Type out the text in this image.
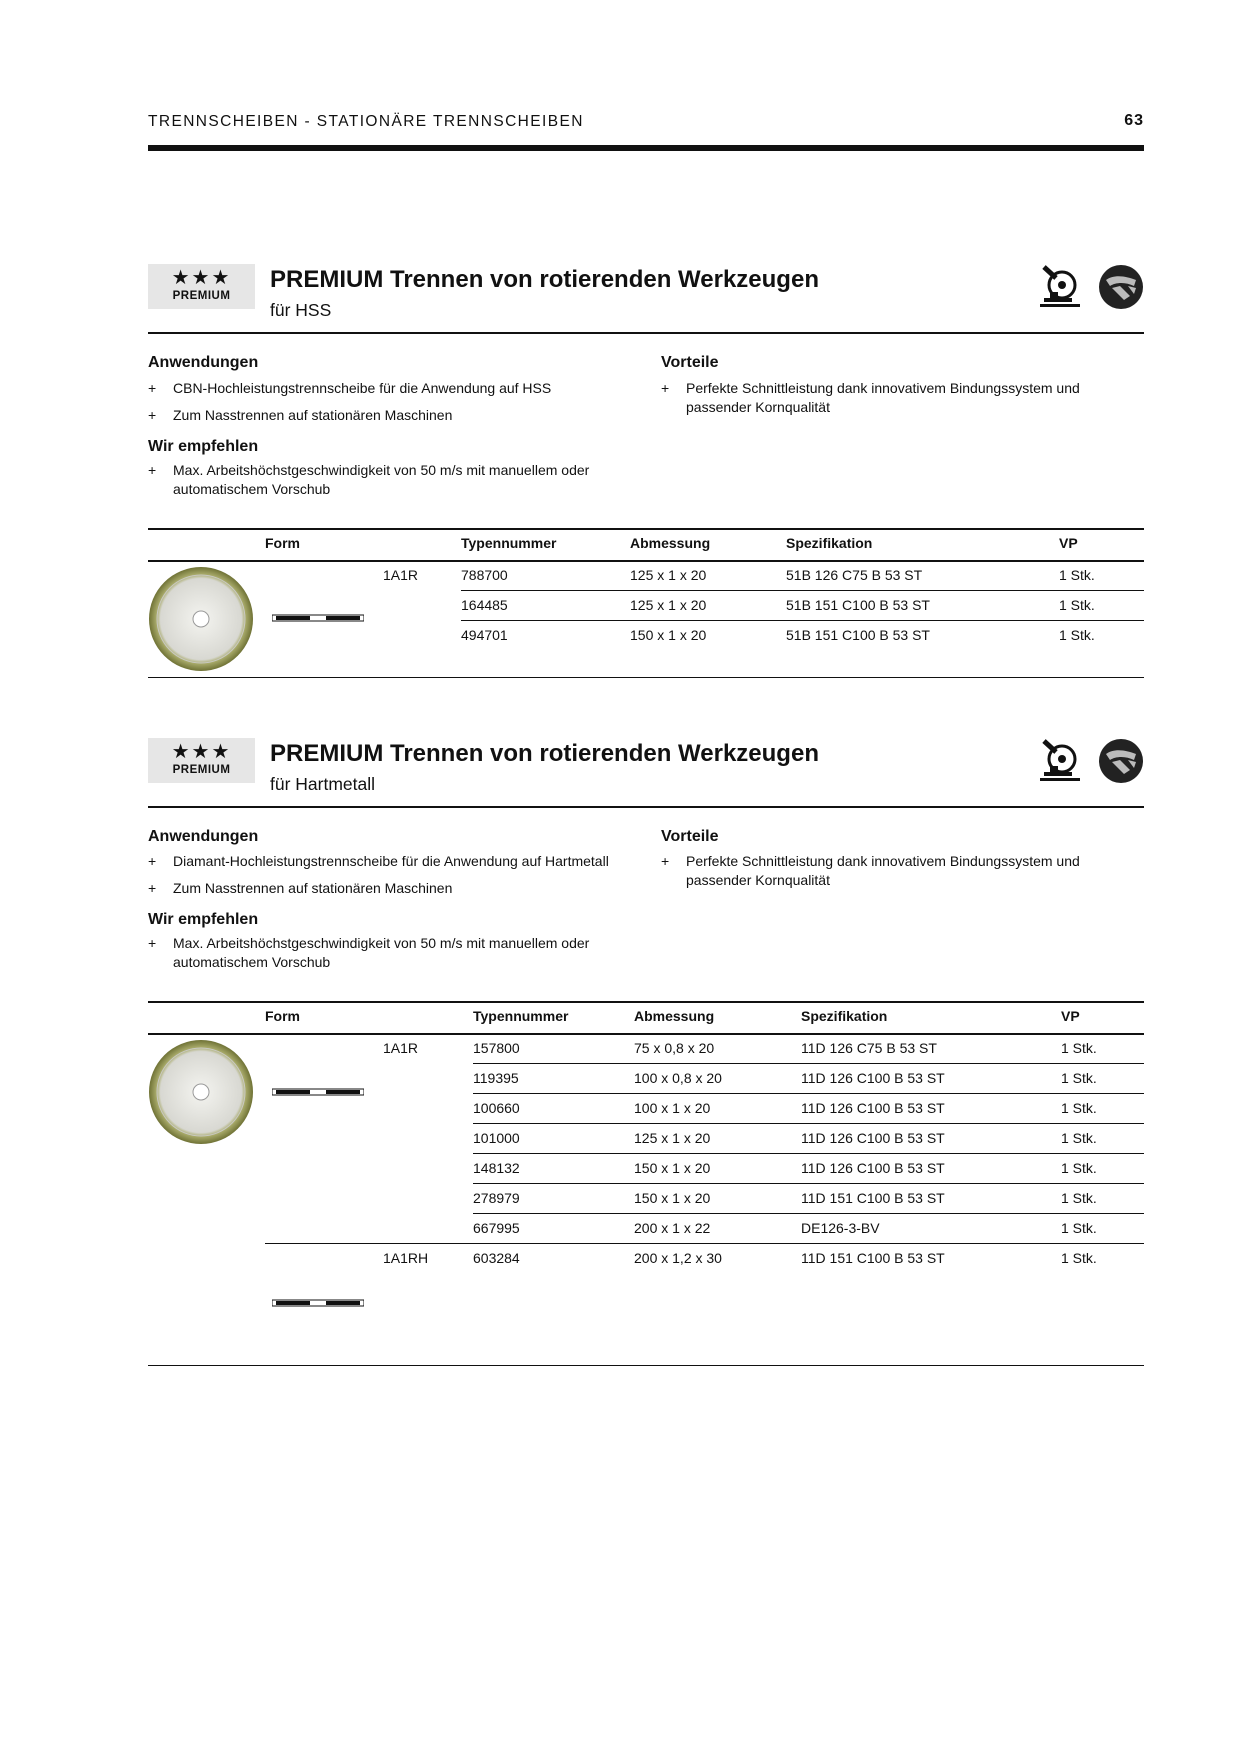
TRENNSCHEIBEN - STATIONÄRE TRENNSCHEIBEN	63
★★★
PREMIUM
PREMIUM Trennen von rotierenden Werkzeugen
für HSS
Anwendungen
+ CBN-Hochleistungstrennscheibe für die Anwendung auf HSS
+ Zum Nasstrennen auf stationären Maschinen
Wir empfehlen
+ Max. Arbeitshöchstgeschwindigkeit von 50 m/s mit manuellem oder automatischem Vorschub
Vorteile
+ Perfekte Schnittleistung dank innovativem Bindungssystem und passender Kornqualität
Form	Typennummer	Abmessung	Spezifikation	VP
1A1R	788700	125 x 1 x 20	51B 126 C75 B 53 ST	1 Stk.
164485	125 x 1 x 20	51B 151 C100 B 53 ST	1 Stk.
494701	150 x 1 x 20	51B 151 C100 B 53 ST	1 Stk.
★★★
PREMIUM
PREMIUM Trennen von rotierenden Werkzeugen
für Hartmetall
Anwendungen
+ Diamant-Hochleistungstrennscheibe für die Anwendung auf Hartmetall
+ Zum Nasstrennen auf stationären Maschinen
Wir empfehlen
+ Max. Arbeitshöchstgeschwindigkeit von 50 m/s mit manuellem oder automatischem Vorschub
Vorteile
+ Perfekte Schnittleistung dank innovativem Bindungssystem und passender Kornqualität
Form	Typennummer	Abmessung	Spezifikation	VP
1A1R	157800	75 x 0,8 x 20	11D 126 C75 B 53 ST	1 Stk.
119395	100 x 0,8 x 20	11D 126 C100 B 53 ST	1 Stk.
100660	100 x 1 x 20	11D 126 C100 B 53 ST	1 Stk.
101000	125 x 1 x 20	11D 126 C100 B 53 ST	1 Stk.
148132	150 x 1 x 20	11D 126 C100 B 53 ST	1 Stk.
278979	150 x 1 x 20	11D 151 C100 B 53 ST	1 Stk.
667995	200 x 1 x 22	DE126-3-BV	1 Stk.
1A1RH	603284	200 x 1,2 x 30	11D 151 C100 B 53 ST	1 Stk.
